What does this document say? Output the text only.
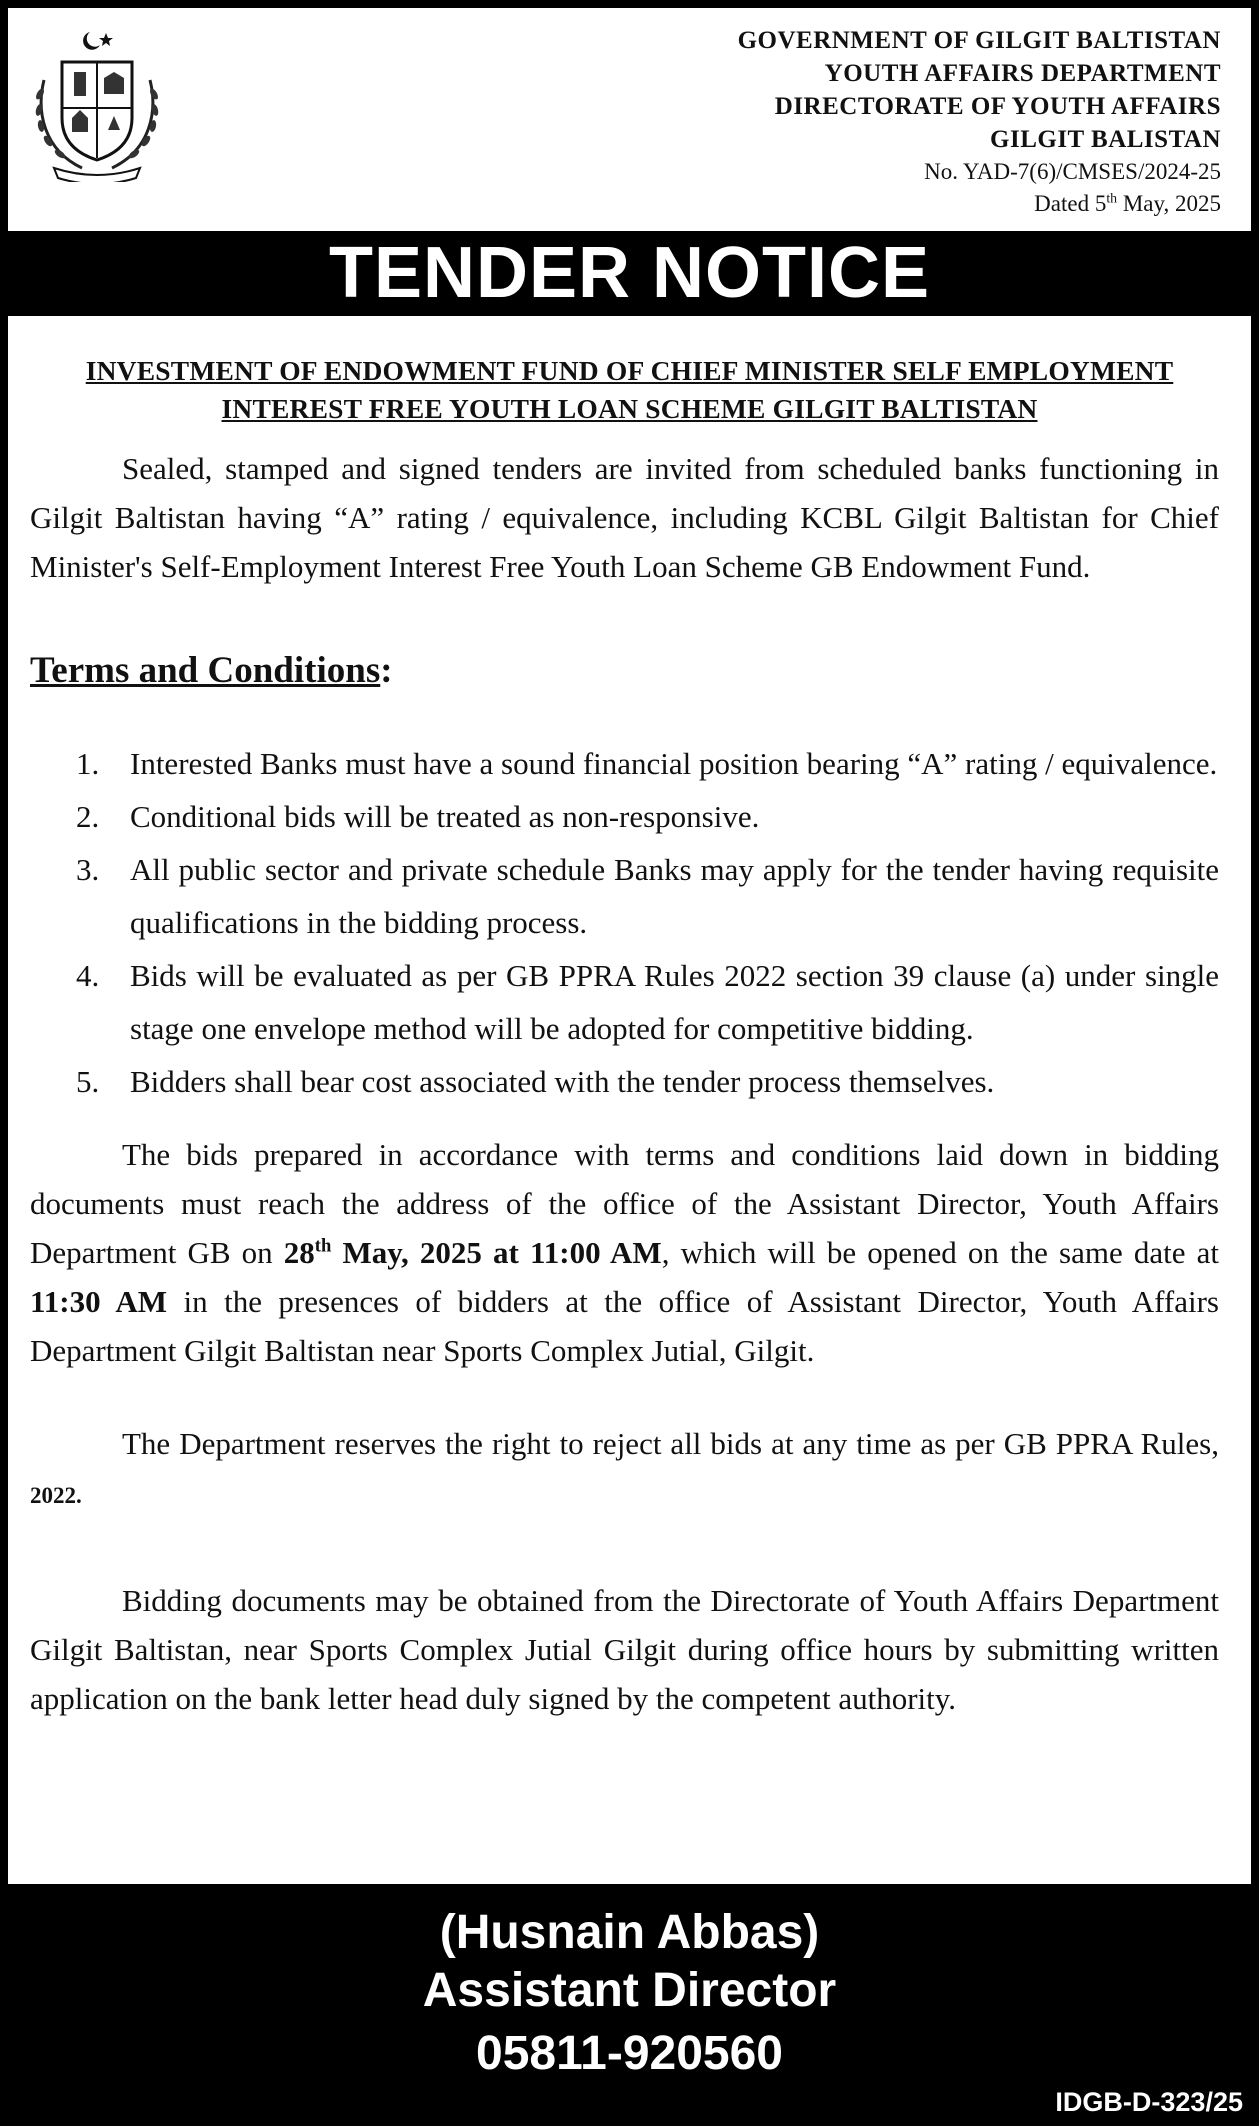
GOVERNMENT OF GILGIT BALTISTAN
YOUTH AFFAIRS DEPARTMENT
DIRECTORATE OF YOUTH AFFAIRS
GILGIT BALISTAN
No. YAD-7(6)/CMSES/2024-25
Dated 5th May, 2025
INVESTMENT OF ENDOWMENT FUND OF CHIEF MINISTER SELF EMPLOYMENT
INTEREST FREE YOUTH LOAN SCHEME GILGIT BALTISTAN

Sealed, stamped and signed tenders are invited from scheduled banks functioning in Gilgit Baltistan having “A” rating / equivalence, including KCBL Gilgit Baltistan for Chief Minister's Self-Employment Interest Free Youth Loan Scheme GB Endowment Fund.

Terms and Conditions:
1. Interested Banks must have a sound financial position bearing “A” rating / equivalence.
2. Conditional bids will be treated as non-responsive.
3. All public sector and private schedule Banks may apply for the tender having requisite qualifications in the bidding process.
4. Bids will be evaluated as per GB PPRA Rules 2022 section 39 clause (a) under single stage one envelope method will be adopted for competitive bidding.
5. Bidders shall bear cost associated with the tender process themselves.

The bids prepared in accordance with terms and conditions laid down in bidding documents must reach the address of the office of the Assistant Director, Youth Affairs Department GB on 28th May, 2025 at 11:00 AM, which will be opened on the same date at 11:30 AM in the presences of bidders at the office of Assistant Director, Youth Affairs Department Gilgit Baltistan near Sports Complex Jutial, Gilgit.

The Department reserves the right to reject all bids at any time as per GB PPRA Rules, 2022.

Bidding documents may be obtained from the Directorate of Youth Affairs Department Gilgit Baltistan, near Sports Complex Jutial Gilgit during office hours by submitting written application on the bank letter head duly signed by the competent authority.

TENDER NOTICE
(Husnain Abbas)
Assistant Director
05811-920560
IDGB-D-323/25
